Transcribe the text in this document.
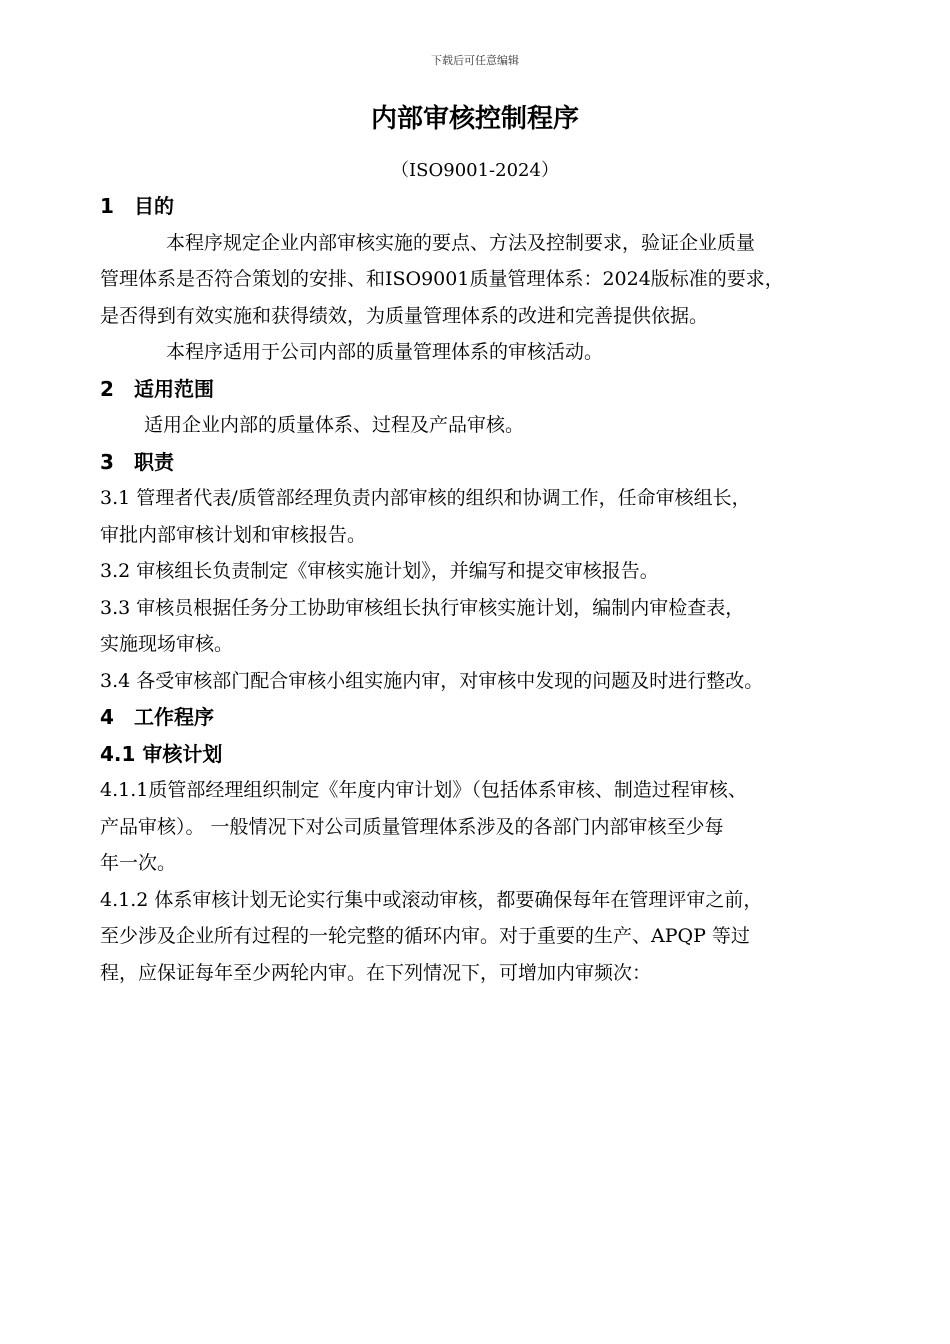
下载后可任意编辑
内部审核控制程序
（ISO9001-2024）
1 目的
本程序规定企业内部审核实施的要点、方法及控制要求，验证企业质量
管理体系是否符合策划的安排、和ISO9001质量管理体系：2024版标准的要求，
是否得到有效实施和获得绩效，为质量管理体系的改进和完善提供依据。
本程序适用于公司内部的质量管理体系的审核活动。
2 适用范围
适用企业内部的质量体系、过程及产品审核。
3 职责
3.1 管理者代表/质管部经理负责内部审核的组织和协调工作，任命审核组长，
审批内部审核计划和审核报告。
3.2 审核组长负责制定《审核实施计划》，并编写和提交审核报告。
3.3 审核员根据任务分工协助审核组长执行审核实施计划，编制内审检查表，
实施现场审核。
3.4 各受审核部门配合审核小组实施内审，对审核中发现的问题及时进行整改。
4 工作程序
4.1 审核计划
4.1.1质管部经理组织制定《年度内审计划》（包括体系审核、制造过程审核、
产品审核）。 一般情况下对公司质量管理体系涉及的各部门内部审核至少每
年一次。
4.1.2 体系审核计划无论实行集中或滚动审核，都要确保每年在管理评审之前，
至少涉及企业所有过程的一轮完整的循环内审。对于重要的生产、APQP 等过
程，应保证每年至少两轮内审。在下列情况下，可增加内审频次：
